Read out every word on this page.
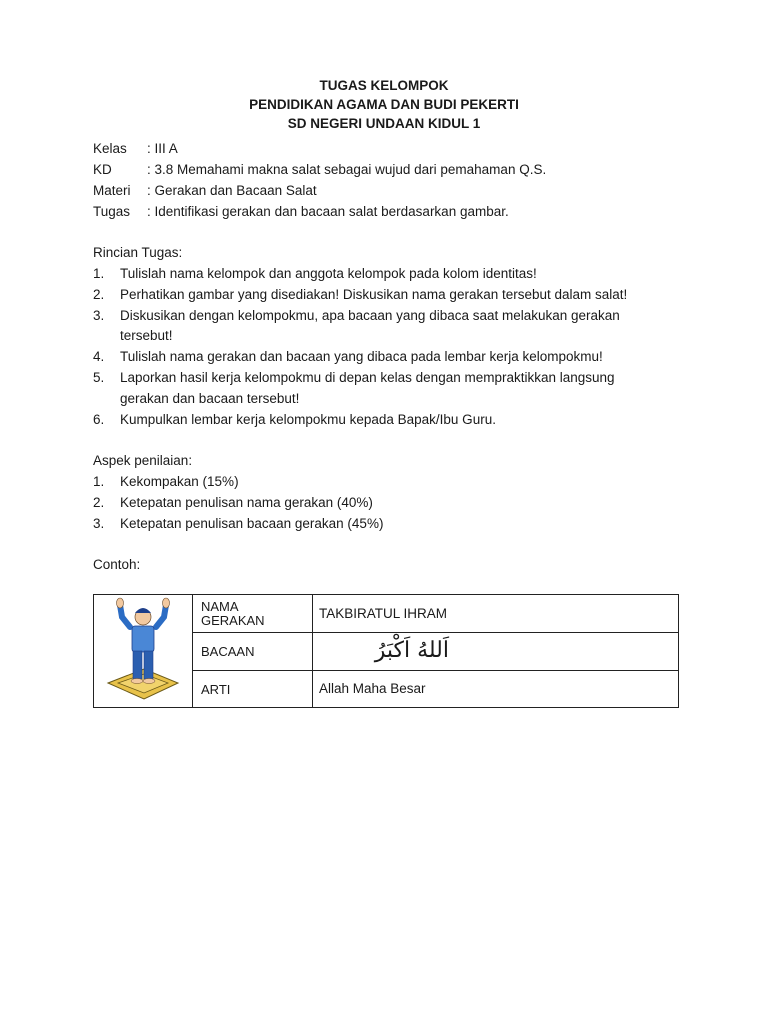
TUGAS KELOMPOK
PENDIDIKAN AGAMA DAN BUDI PEKERTI
SD NEGERI UNDAAN KIDUL 1
Kelas : III A
KD	: 3.8 Memahami makna salat sebagai wujud dari pemahaman Q.S.
Materi : Gerakan dan Bacaan Salat
Tugas : Identifikasi gerakan dan bacaan salat berdasarkan gambar.
Rincian Tugas:
1. Tulislah nama kelompok dan anggota kelompok pada kolom identitas!
2. Perhatikan gambar yang disediakan! Diskusikan nama gerakan tersebut dalam salat!
3. Diskusikan dengan kelompokmu, apa bacaan yang dibaca saat melakukan gerakan
tersebut!
4. Tulislah nama gerakan dan bacaan yang dibaca pada lembar kerja kelompokmu!
5. Laporkan hasil kerja kelompokmu di depan kelas dengan mempraktikkan langsung
gerakan dan bacaan tersebut!
6. Kumpulkan lembar kerja kelompokmu kepada Bapak/Ibu Guru.
Aspek penilaian:
1. Kekompakan (15%)
2. Ketepatan penulisan nama gerakan (40%)
3. Ketepatan penulisan bacaan gerakan (45%)
Contoh:
NAMA
GERAKAN	TAKBIRATUL IHRAM
BACAAN	اَللهُ اَكْبَرُ
ARTI	Allah Maha Besar
